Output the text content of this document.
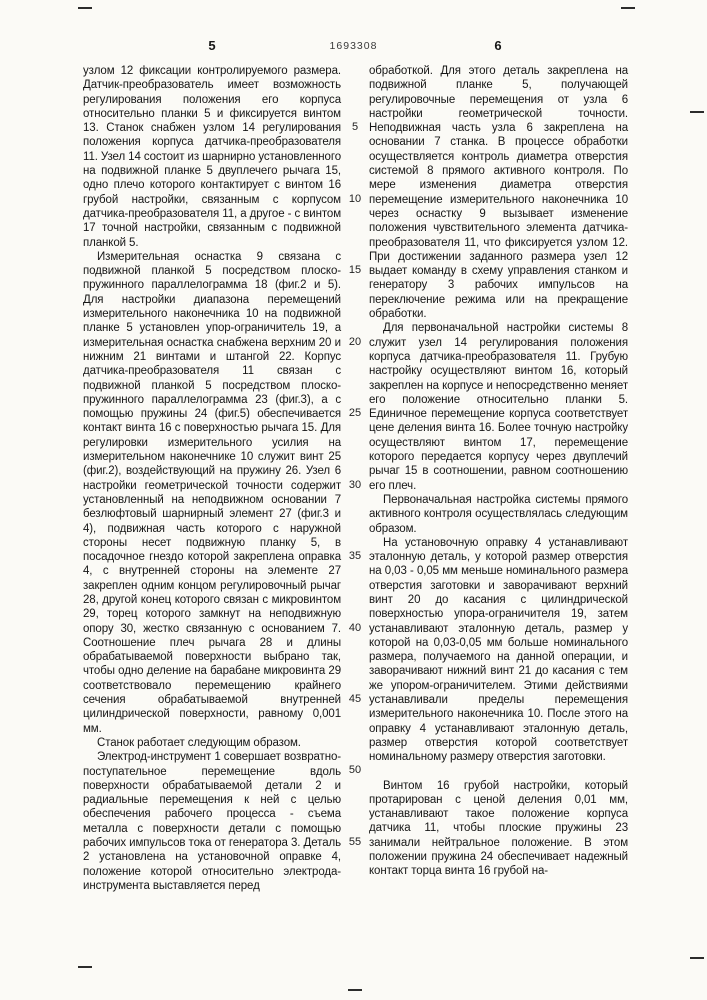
5	1693308	6

узлом 12 фиксации контролируемого размера. Датчик-преобразователь имеет возможность регулирования положения его корпуса относительно планки 5 и фиксируется винтом 13. Станок снабжен узлом 14 регулирования положения корпуса датчика-преобразователя 11. Узел 14 состоит из шарнирно установленного на подвижной планке 5 двуплечего рычага 15, одно плечо которого контактирует с винтом 16 грубой настройки, связанным с корпусом датчика-преобразователя 11, а другое - с винтом 17 точной настройки, связанным с подвижной планкой 5.

Измерительная оснастка 9 связана с подвижной планкой 5 посредством плоско-пружинного параллелограмма 18 (фиг.2 и 5). Для настройки диапазона перемещений измерительного наконечника 10 на подвижной планке 5 установлен упор-ограничитель 19, а измерительная оснастка снабжена верхним 20 и нижним 21 винтами и штангой 22. Корпус датчика-преобразователя 11 связан с подвижной планкой 5 посредством плоско-пружинного параллелограмма 23 (фиг.3), а с помощью пружины 24 (фиг.5) обеспечивается контакт винта 16 с поверхностью рычага 15. Для регулировки измерительного усилия на измерительном наконечнике 10 служит винт 25 (фиг.2), воздействующий на пружину 26. Узел 6 настройки геометрической точности содержит установленный на неподвижном основании 7 безлюфтовый шарнирный элемент 27 (фиг.3 и 4), подвижная часть которого с наружной стороны несет подвижную планку 5, в посадочное гнездо которой закреплена оправка 4, с внутренней стороны на элементе 27 закреплен одним концом регулировочный рычаг 28, другой конец которого связан с микровинтом 29, торец которого замкнут на неподвижную опору 30, жестко связанную с основанием 7. Соотношение плеч рычага 28 и длины обрабатываемой поверхности выбрано так, чтобы одно деление на барабане микровинта 29 соответствовало перемещению крайнего сечения обрабатываемой внутренней цилиндрической поверхности, равному 0,001 мм.

Станок работает следующим образом.

Электрод-инструмент 1 совершает возвратно-поступательное перемещение вдоль поверхности обрабатываемой детали 2 и радиальные перемещения к ней с целью обеспечения рабочего процесса - съема металла с поверхности детали с помощью рабочих импульсов тока от генератора 3. Деталь 2 установлена на установочной оправке 4, положение которой относительно электрода-инструмента выставляется перед

5
10
15
20
25
30
35
40
45
50
55

обработкой. Для этого деталь закреплена на подвижной планке 5, получающей регулировочные перемещения от узла 6 настройки геометрической точности. Неподвижная часть узла 6 закреплена на основании 7 станка. В процессе обработки осуществляется контроль диаметра отверстия системой 8 прямого активного контроля. По мере изменения диаметра отверстия перемещение измерительного наконечника 10 через оснастку 9 вызывает изменение положения чувствительного элемента датчика-преобразователя 11, что фиксируется узлом 12. При достижении заданного размера узел 12 выдает команду в схему управления станком и генератору 3 рабочих импульсов на переключение режима или на прекращение обработки.

Для первоначальной настройки системы 8 служит узел 14 регулирования положения корпуса датчика-преобразователя 11. Грубую настройку осуществляют винтом 16, который закреплен на корпусе и непосредственно меняет его положение относительно планки 5. Единичное перемещение корпуса соответствует цене деления винта 16. Более точную настройку осуществляют винтом 17, перемещение которого передается корпусу через двуплечий рычаг 15 в соотношении, равном соотношению его плеч.

Первоначальная настройка системы прямого активного контроля осуществлялась следующим образом.

На установочную оправку 4 устанавливают эталонную деталь, у которой размер отверстия на 0,03 - 0,05 мм меньше номинального размера отверстия заготовки и заворачивают верхний винт 20 до касания с цилиндрической поверхностью упора-ограничителя 19, затем устанавливают эталонную деталь, размер у которой на 0,03-0,05 мм больше номинального размера, получаемого на данной операции, и заворачивают нижний винт 21 до касания с тем же упором-ограничителем. Этими действиями устанавливали пределы перемещения измерительного наконечника 10. После этого на оправку 4 устанавливают эталонную деталь, размер отверстия которой соответствует номинальному размеру отверстия заготовки.

Винтом 16 грубой настройки, который протарирован с ценой деления 0,01 мм, устанавливают такое положение корпуса датчика 11, чтобы плоские пружины 23 занимали нейтральное положение. В этом положении пружина 24 обеспечивает надежный контакт торца винта 16 грубой на-
